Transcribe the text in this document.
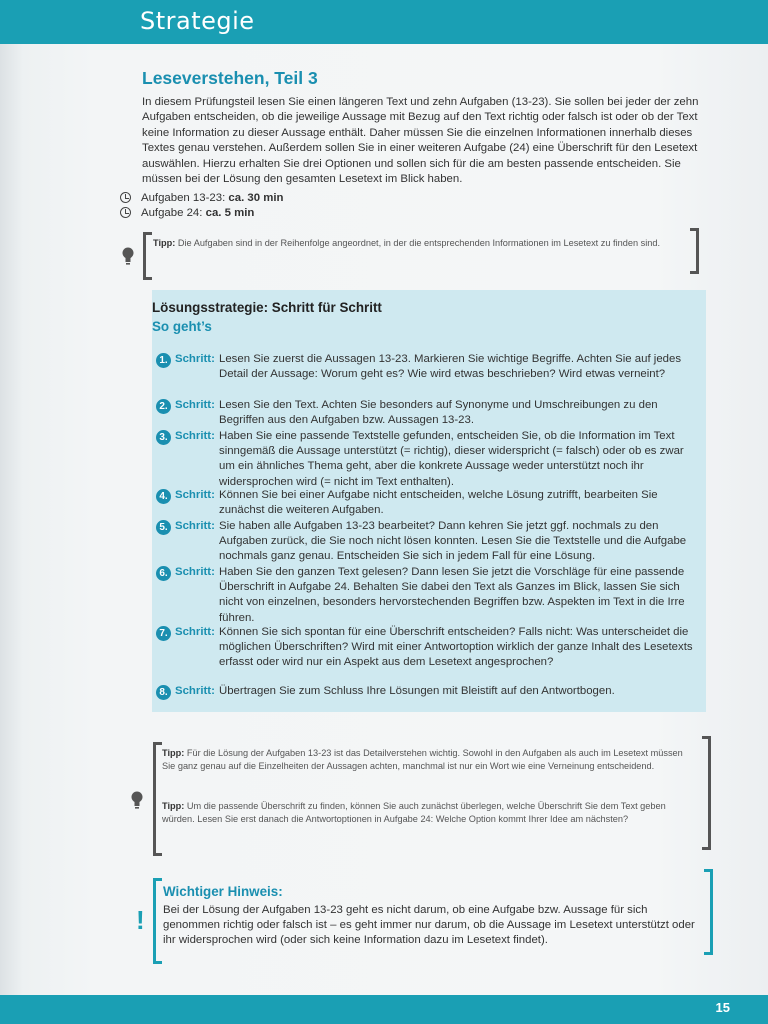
Strategie
Leseverstehen, Teil 3
In diesem Prüfungsteil lesen Sie einen längeren Text und zehn Aufgaben (13-23). Sie sollen bei jeder der zehn Aufgaben entscheiden, ob die jeweilige Aussage mit Bezug auf den Text richtig oder falsch ist oder ob der Text keine Information zu dieser Aussage enthält. Daher müssen Sie die einzelnen Informationen innerhalb dieses Textes genau verstehen. Außerdem sollen Sie in einer weiteren Aufgabe (24) eine Überschrift für den Lesetext auswählen. Hierzu erhalten Sie drei Optionen und sollen sich für die am besten passende entscheiden. Sie müssen bei der Lösung den gesamten Lesetext im Blick haben.
Aufgaben 13-23: ca. 30 min
Aufgabe 24: ca. 5 min
Tipp: Die Aufgaben sind in der Reihenfolge angeordnet, in der die entsprechenden Informationen im Lesetext zu finden sind.
Lösungsstrategie: Schritt für Schritt
So geht’s
1. Schritt: Lesen Sie zuerst die Aussagen 13-23. Markieren Sie wichtige Begriffe. Achten Sie auf jedes Detail der Aussage: Worum geht es? Wie wird etwas beschrieben? Wird etwas verneint?
2. Schritt: Lesen Sie den Text. Achten Sie besonders auf Synonyme und Umschreibungen zu den Begriffen aus den Aufgaben bzw. Aussagen 13-23.
3. Schritt: Haben Sie eine passende Textstelle gefunden, entscheiden Sie, ob die Information im Text sinngemäß die Aussage unterstützt (= richtig), dieser widerspricht (= falsch) oder ob es zwar um ein ähnliches Thema geht, aber die konkrete Aussage weder unterstützt noch ihr widersprochen wird (= nicht im Text enthalten).
4. Schritt: Können Sie bei einer Aufgabe nicht entscheiden, welche Lösung zutrifft, bearbeiten Sie zunächst die weiteren Aufgaben.
5. Schritt: Sie haben alle Aufgaben 13-23 bearbeitet? Dann kehren Sie jetzt ggf. nochmals zu den Aufgaben zurück, die Sie noch nicht lösen konnten. Lesen Sie die Textstelle und die Aufgabe nochmals ganz genau. Entscheiden Sie sich in jedem Fall für eine Lösung.
6. Schritt: Haben Sie den ganzen Text gelesen? Dann lesen Sie jetzt die Vorschläge für eine passende Überschrift in Aufgabe 24. Behalten Sie dabei den Text als Ganzes im Blick, lassen Sie sich nicht von einzelnen, besonders hervorstechenden Begriffen bzw. Aspekten im Text in die Irre führen.
7. Schritt: Können Sie sich spontan für eine Überschrift entscheiden? Falls nicht: Was unterscheidet die möglichen Überschriften? Wird mit einer Antwortoption wirklich der ganze Inhalt des Lesetexts erfasst oder wird nur ein Aspekt aus dem Lesetext angesprochen?
8. Schritt: Übertragen Sie zum Schluss Ihre Lösungen mit Bleistift auf den Antwortbogen.
Tipp: Für die Lösung der Aufgaben 13-23 ist das Detailverstehen wichtig. Sowohl in den Aufgaben als auch im Lesetext müssen Sie ganz genau auf die Einzelheiten der Aussagen achten, manchmal ist nur ein Wort wie eine Verneinung entscheidend.
Tipp: Um die passende Überschrift zu finden, können Sie auch zunächst überlegen, welche Überschrift Sie dem Text geben würden. Lesen Sie erst danach die Antwortoptionen in Aufgabe 24: Welche Option kommt Ihrer Idee am nächsten?
!
Wichtiger Hinweis:
Bei der Lösung der Aufgaben 13-23 geht es nicht darum, ob eine Aufgabe bzw. Aussage für sich genommen richtig oder falsch ist – es geht immer nur darum, ob die Aussage im Lesetext unterstützt oder ihr widersprochen wird (oder sich keine Information dazu im Lesetext findet).
15
